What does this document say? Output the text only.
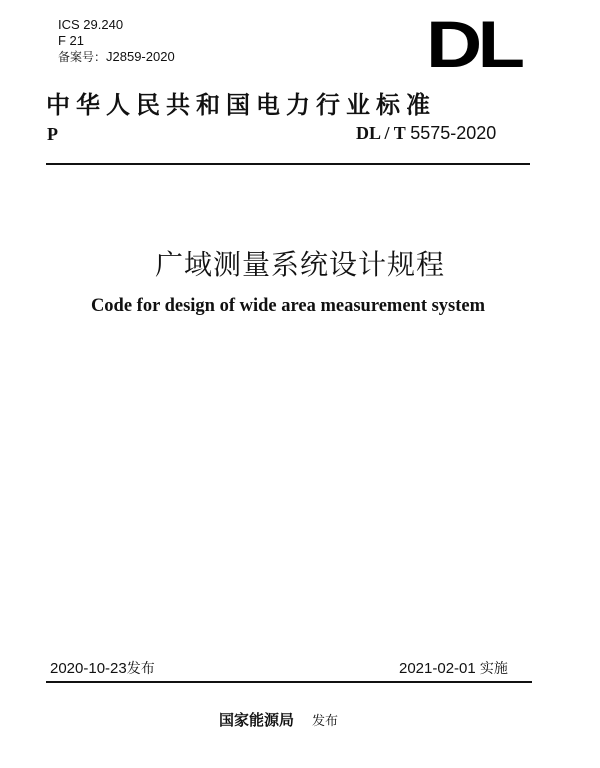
ICS 29.240
F 21
备案号：J2859-2020	DL
中华人民共和国电力行业标准
P	DL / T 5575-2020
广域测量系统设计规程
Code for design of wide area measurement system
2020-10-23发布	2021-02-01 实施
国家能源局 发布
